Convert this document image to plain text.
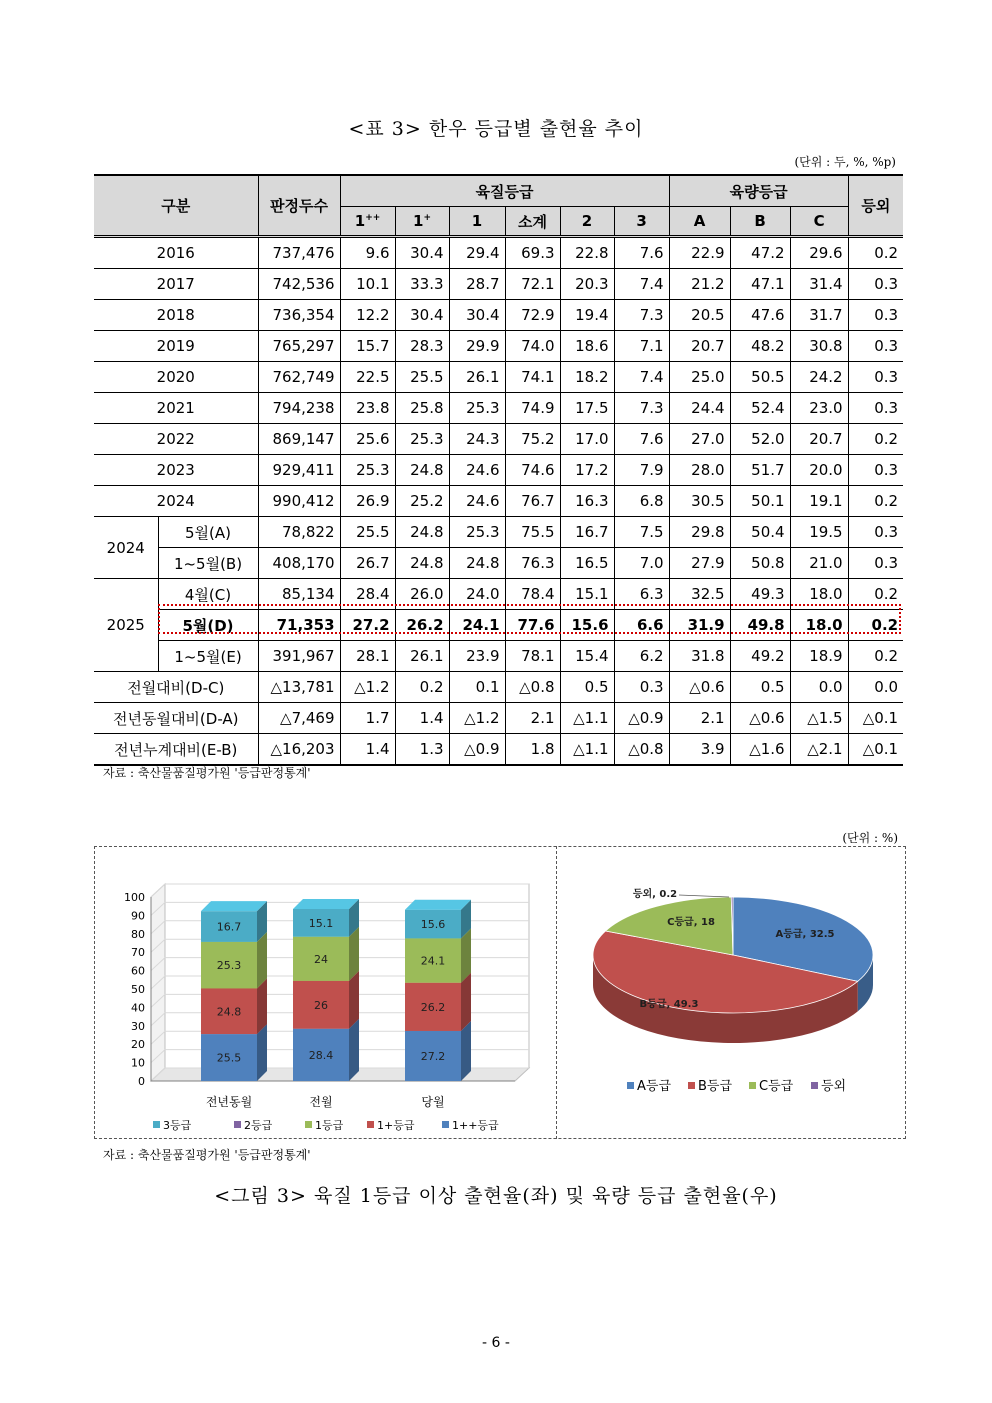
<표 3> 한우 등급별 출현율 추이
(단위 : 두, %, %p)
구분		판정두수	육질등급						육량등급			등외
			1++	1+	1	소계	2	3	A	B	C	
2016		737,476	9.6	30.4	29.4	69.3	22.8	7.6	22.9	47.2	29.6	0.2
2017		742,536	10.1	33.3	28.7	72.1	20.3	7.4	21.2	47.1	31.4	0.3
2018		736,354	12.2	30.4	30.4	72.9	19.4	7.3	20.5	47.6	31.7	0.3
2019		765,297	15.7	28.3	29.9	74.0	18.6	7.1	20.7	48.2	30.8	0.3
2020		762,749	22.5	25.5	26.1	74.1	18.2	7.4	25.0	50.5	24.2	0.3
2021		794,238	23.8	25.8	25.3	74.9	17.5	7.3	24.4	52.4	23.0	0.3
2022		869,147	25.6	25.3	24.3	75.2	17.0	7.6	27.0	52.0	20.7	0.2
2023		929,411	25.3	24.8	24.6	74.6	17.2	7.9	28.0	51.7	20.0	0.3
2024		990,412	26.9	25.2	24.6	76.7	16.3	6.8	30.5	50.1	19.1	0.2
2024	5월(A)	78,822	25.5	24.8	25.3	75.5	16.7	7.5	29.8	50.4	19.5	0.3
	1~5월(B)	408,170	26.7	24.8	24.8	76.3	16.5	7.0	27.9	50.8	21.0	0.3
2025	4월(C)	85,134	28.4	26.0	24.0	78.4	15.1	6.3	32.5	49.3	18.0	0.2
	5월(D)	71,353	27.2	26.2	24.1	77.6	15.6	6.6	31.9	49.8	18.0	0.2
	1~5월(E)	391,967	28.1	26.1	23.9	78.1	15.4	6.2	31.8	49.2	18.9	0.2
전월대비(D-C)		△13,781	△1.2	0.2	0.1	△0.8	0.5	0.3	△0.6	0.5	0.0	0.0
전년동월대비(D-A)		△7,469	1.7	1.4	△1.2	2.1	△1.1	△0.9	2.1	△0.6	△1.5	△0.1
전년누계대비(E-B)		△16,203	1.4	1.3	△0.9	1.8	△1.1	△0.8	3.9	△1.6	△2.1	△0.1
자료 : 축산물품질평가원 '등급판정통계'
(단위 : %)
0
10
20
30
40
50
60
70
80
90
100
25.5
24.8
25.3
16.7
전년동월
28.4
26
24
15.1
전월
27.2
26.2
24.1
15.6
당월
3등급	2등급	1등급	1+등급	1++등급
A등급, 32.5
B등급, 49.3
C등급, 18
등외, 0.2
A등급 B등급 C등급 등외
자료 : 축산물품질평가원 '등급판정통계'
<그림 3> 육질 1등급 이상 출현율(좌) 및 육량 등급 출현율(우)
- 6 -
